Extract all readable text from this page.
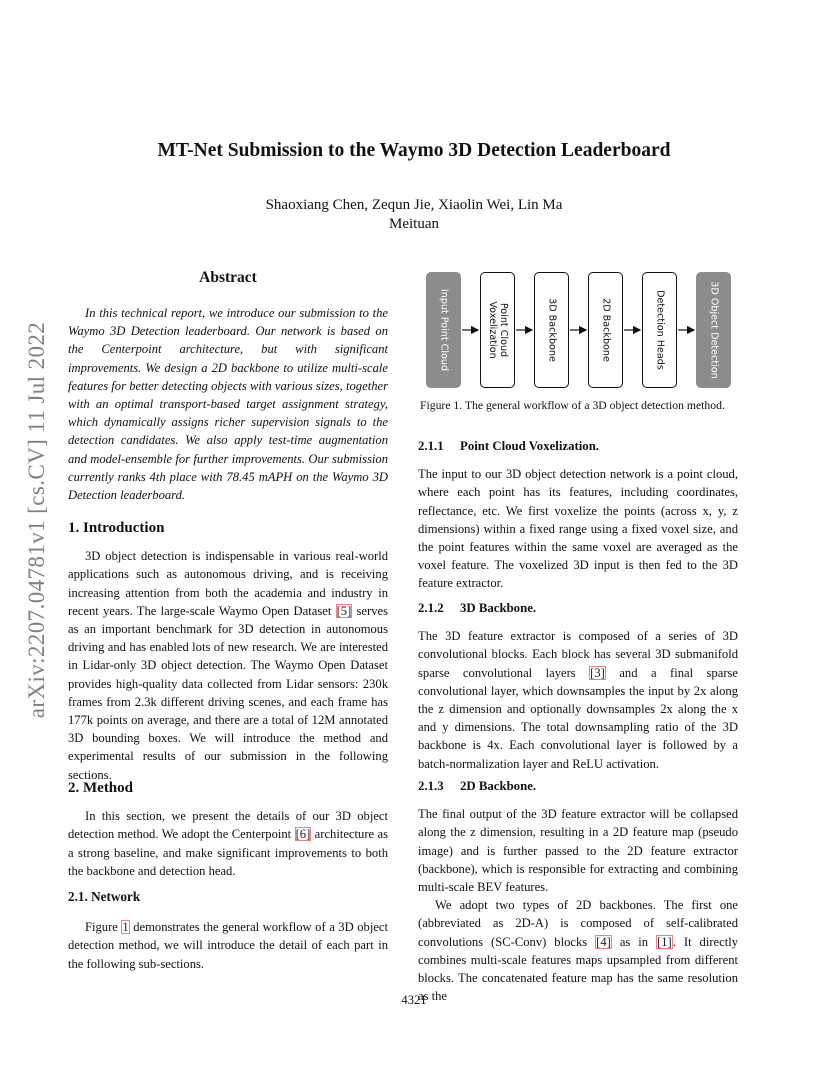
MT-Net Submission to the Waymo 3D Detection Leaderboard
Shaoxiang Chen, Zequn Jie, Xiaolin Wei, Lin Ma
Meituan
arXiv:2207.04781v1 [cs.CV] 11 Jul 2022
Abstract

In this technical report, we introduce our submission to the Waymo 3D Detection leaderboard. Our network is based on the Centerpoint architecture, but with significant improvements. We design a 2D backbone to utilize multi-scale features for better detecting objects with various sizes, together with an optimal transport-based target assignment strategy, which dynamically assigns richer supervision signals to the detection candidates. We also apply test-time augmentation and model-ensemble for further improvements. Our submission currently ranks 4th place with 78.45 mAPH on the Waymo 3D Detection leaderboard.

1. Introduction

3D object detection is indispensable in various real-world applications such as autonomous driving, and is receiving increasing attention from both the academia and industry in recent years. The large-scale Waymo Open Dataset [5] serves as an important benchmark for 3D detection in autonomous driving and has enabled lots of new research. We are interested in Lidar-only 3D object detection. The Waymo Open Dataset provides high-quality data collected from Lidar sensors: 230k frames from 2.3k different driving scenes, and each frame has 177k points on average, and there are a total of 12M annotated 3D bounding boxes. We will introduce the method and experimental results of our submission in the following sections.

2. Method

In this section, we present the details of our 3D object detection method. We adopt the Centerpoint [6] architecture as a strong baseline, and make significant improvements to both the backbone and detection head.

2.1. Network

Figure 1 demonstrates the general workflow of a 3D object detection method, we will introduce the detail of each part in the following sub-sections.

Input Point Cloud	Point Cloud
Voxelization	3D Backbone	2D Backbone	Detection Heads	3D Object Detection
Figure 1. The general workflow of a 3D object detection method.
2.1.1 Point Cloud Voxelization.

The input to our 3D object detection network is a point cloud, where each point has its features, including coordinates, reflectance, etc. We first voxelize the points (across x, y, z dimensions) within a fixed range using a fixed voxel size, and the point features within the same voxel are averaged as the voxel feature. The voxelized 3D input is then fed to the 3D feature extractor.

2.1.2 3D Backbone.

The 3D feature extractor is composed of a series of 3D convolutional blocks. Each block has several 3D submanifold sparse convolutional layers [3] and a final sparse convolutional layer, which downsamples the input by 2x along the z dimension and optionally downsamples 2x along the x and y dimensions. The total downsampling ratio of the 3D backbone is 4x. Each convolutional layer is followed by a batch-normalization layer and ReLU activation.

2.1.3 2D Backbone.

The final output of the 3D feature extractor will be collapsed along the z dimension, resulting in a 2D feature map (pseudo image) and is further passed to the 2D feature extractor (backbone), which is responsible for extracting and combining multi-scale BEV features.

We adopt two types of 2D backbones. The first one (abbreviated as 2D-A) is composed of self-calibrated convolutions (SC-Conv) blocks [4] as in [1]. It directly combines multi-scale features maps upsampled from different blocks. The concatenated feature map has the same resolution as the

4321
